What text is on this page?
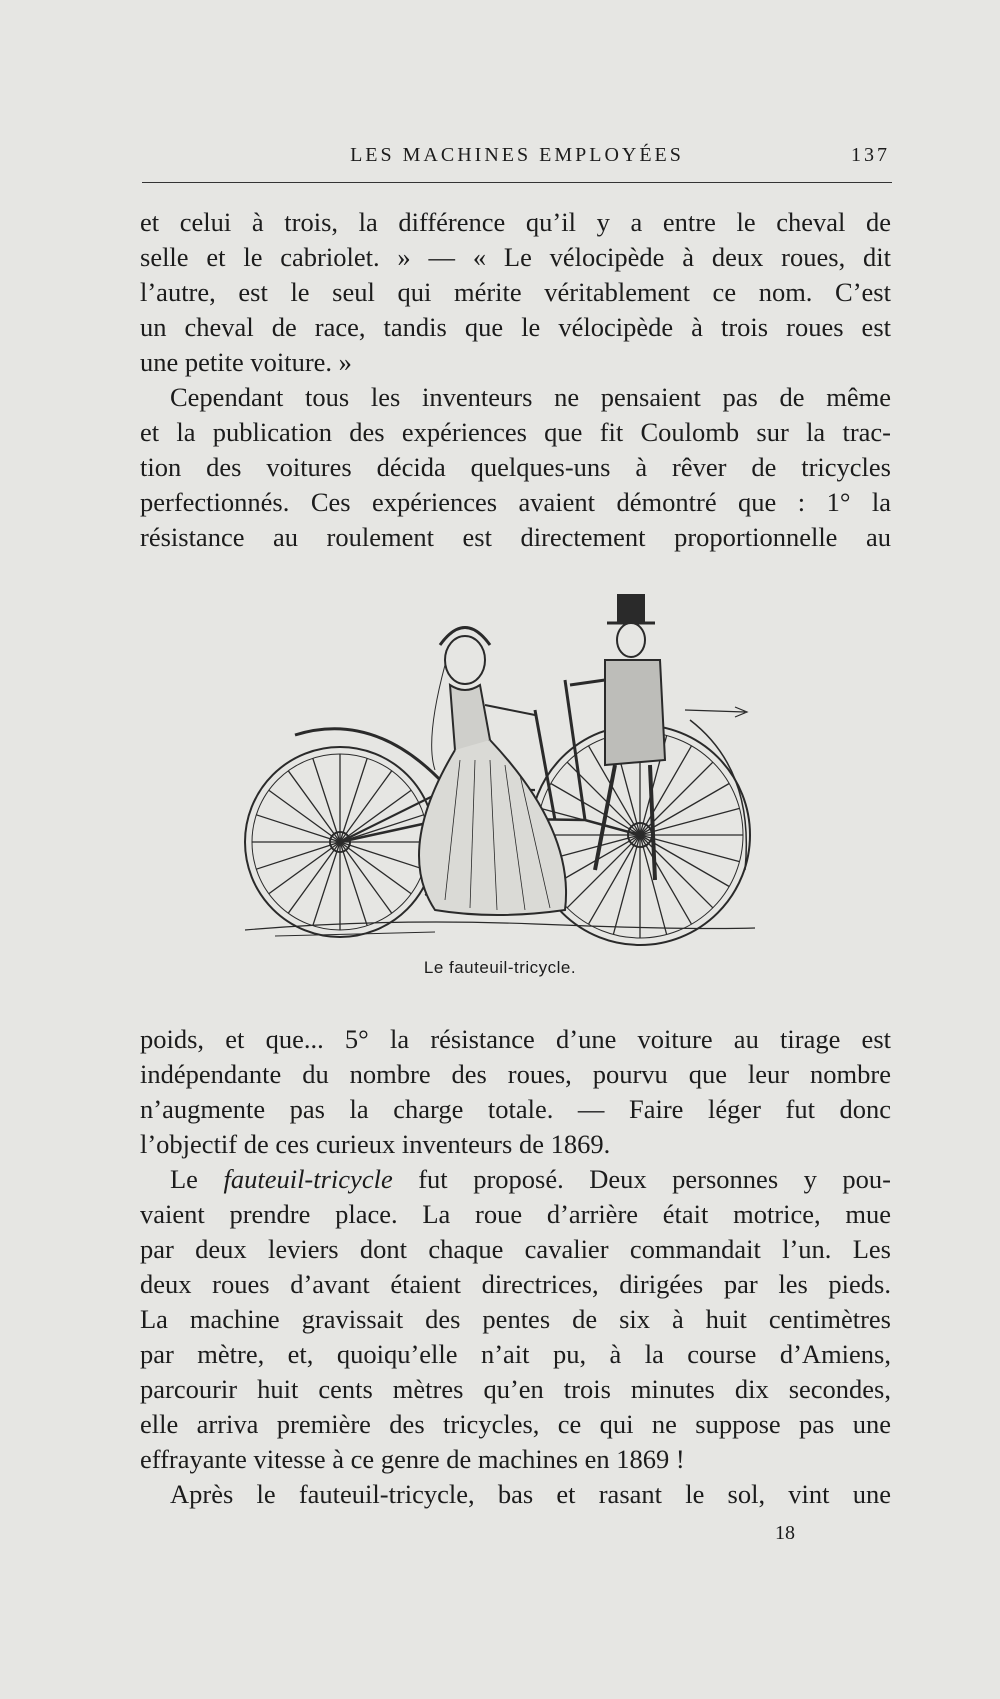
LES MACHINES EMPLOYÉES	137
et celui à trois, la différence qu’il y a entre le cheval de
selle et le cabriolet. » — « Le vélocipède à deux roues, dit
l’autre, est le seul qui mérite véritablement ce nom. C’est
un cheval de race, tandis que le vélocipède à trois roues est
une petite voiture. »
Cependant tous les inventeurs ne pensaient pas de même
et la publication des expériences que fit Coulomb sur la trac-
tion des voitures décida quelques-uns à rêver de tricycles
perfectionnés. Ces expériences avaient démontré que : 1° la
résistance au roulement est directement proportionnelle au
Le fauteuil-tricycle.
poids, et que... 5° la résistance d’une voiture au tirage est
indépendante du nombre des roues, pourvu que leur nombre
n’augmente pas la charge totale. — Faire léger fut donc
l’objectif de ces curieux inventeurs de 1869.
Le fauteuil-tricycle fut proposé. Deux personnes y pou-
vaient prendre place. La roue d’arrière était motrice, mue
par deux leviers dont chaque cavalier commandait l’un. Les
deux roues d’avant étaient directrices, dirigées par les pieds.
La machine gravissait des pentes de six à huit centimètres
par mètre, et, quoiqu’elle n’ait pu, à la course d’Amiens,
parcourir huit cents mètres qu’en trois minutes dix secondes,
elle arriva première des tricycles, ce qui ne suppose pas une
effrayante vitesse à ce genre de machines en 1869 !
Après le fauteuil-tricycle, bas et rasant le sol, vint une
18
